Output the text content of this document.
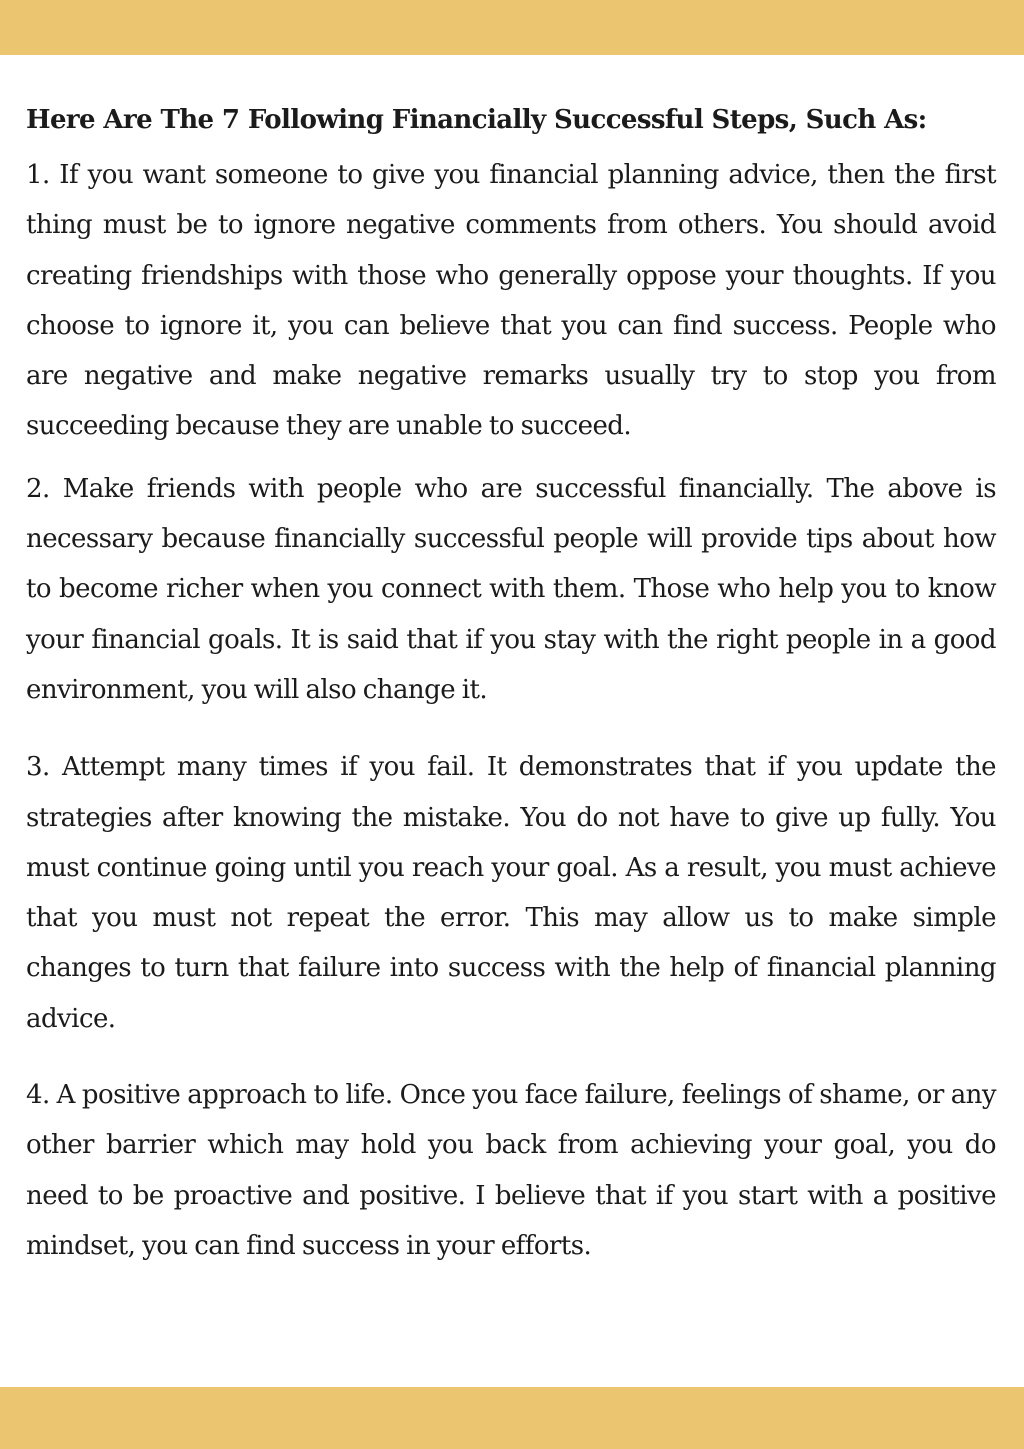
Here Are The 7 Following Financially Successful Steps, Such As:

1. If you want someone to give you financial planning advice, then the first thing must be to ignore negative comments from others. You should avoid creating friendships with those who generally oppose your thoughts. If you choose to ignore it, you can believe that you can find success. People who are negative and make negative remarks usually try to stop you from succeeding because they are unable to succeed.

2. Make friends with people who are successful financially. The above is necessary because financially successful people will provide tips about how to become richer when you connect with them. Those who help you to know your financial goals. It is said that if you stay with the right people in a good environment, you will also change it.

3. Attempt many times if you fail. It demonstrates that if you update the strategies after knowing the mistake. You do not have to give up fully. You must continue going until you reach your goal. As a result, you must achieve that you must not repeat the error. This may allow us to make simple changes to turn that failure into success with the help of financial planning advice.

4. A positive approach to life. Once you face failure, feelings of shame, or any other barrier which may hold you back from achieving your goal, you do need to be proactive and positive. I believe that if you start with a positive mindset, you can find success in your efforts.
